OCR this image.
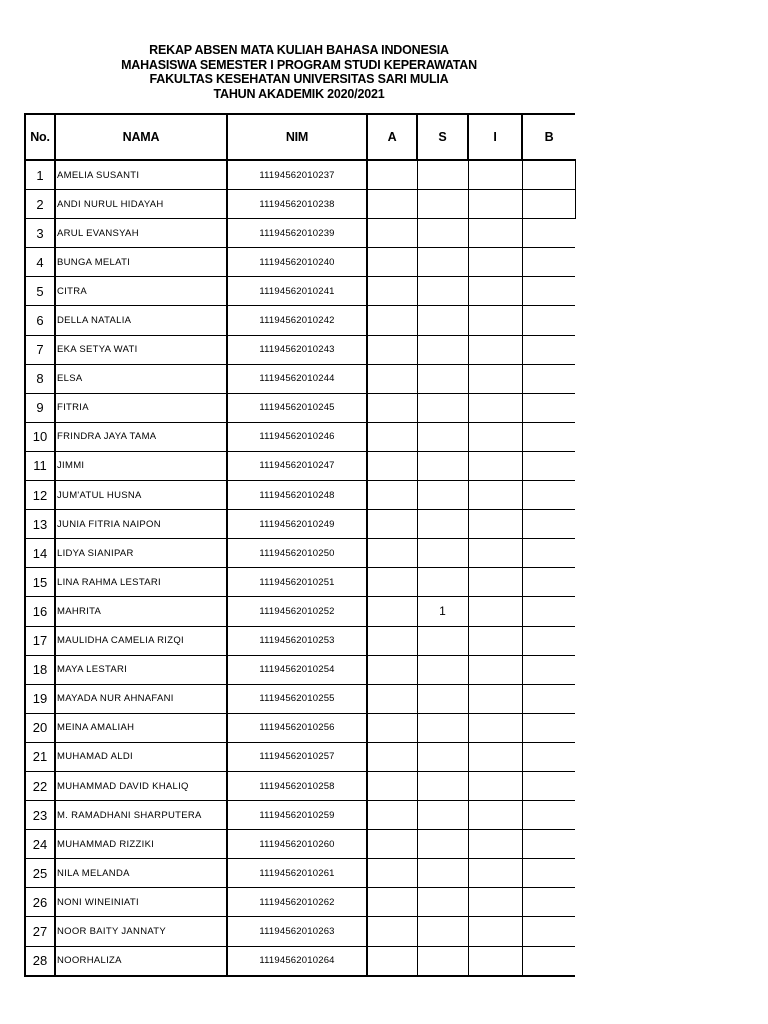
REKAP ABSEN MATA KULIAH BAHASA INDONESIA
MAHASISWA SEMESTER I PROGRAM STUDI KEPERAWATAN
FAKULTAS KESEHATAN UNIVERSITAS SARI MULIA
TAHUN AKADEMIK 2020/2021
No.	NAMA	NIM	A	S	I	B
1	AMELIA SUSANTI	11194562010237				
2	ANDI NURUL HIDAYAH	11194562010238				
3	ARUL EVANSYAH	11194562010239				
4	BUNGA MELATI	11194562010240				
5	CITRA	11194562010241				
6	DELLA NATALIA	11194562010242				
7	EKA SETYA WATI	11194562010243				
8	ELSA	11194562010244				
9	FITRIA	11194562010245				
10	FRINDRA JAYA TAMA	11194562010246				
11	JIMMI	11194562010247				
12	JUM'ATUL HUSNA	11194562010248				
13	JUNIA FITRIA NAIPON	11194562010249				
14	LIDYA SIANIPAR	11194562010250				
15	LINA RAHMA LESTARI	11194562010251				
16	MAHRITA	11194562010252		1		
17	MAULIDHA CAMELIA RIZQI	11194562010253				
18	MAYA LESTARI	11194562010254				
19	MAYADA NUR AHNAFANI	11194562010255				
20	MEINA AMALIAH	11194562010256				
21	MUHAMAD ALDI	11194562010257				
22	MUHAMMAD DAVID KHALIQ	11194562010258				
23	M. RAMADHANI SHARPUTERA	11194562010259				
24	MUHAMMAD RIZZIKI	11194562010260				
25	NILA MELANDA	11194562010261				
26	NONI WINEINIATI	11194562010262				
27	NOOR BAITY JANNATY	11194562010263				
28	NOORHALIZA	11194562010264				
